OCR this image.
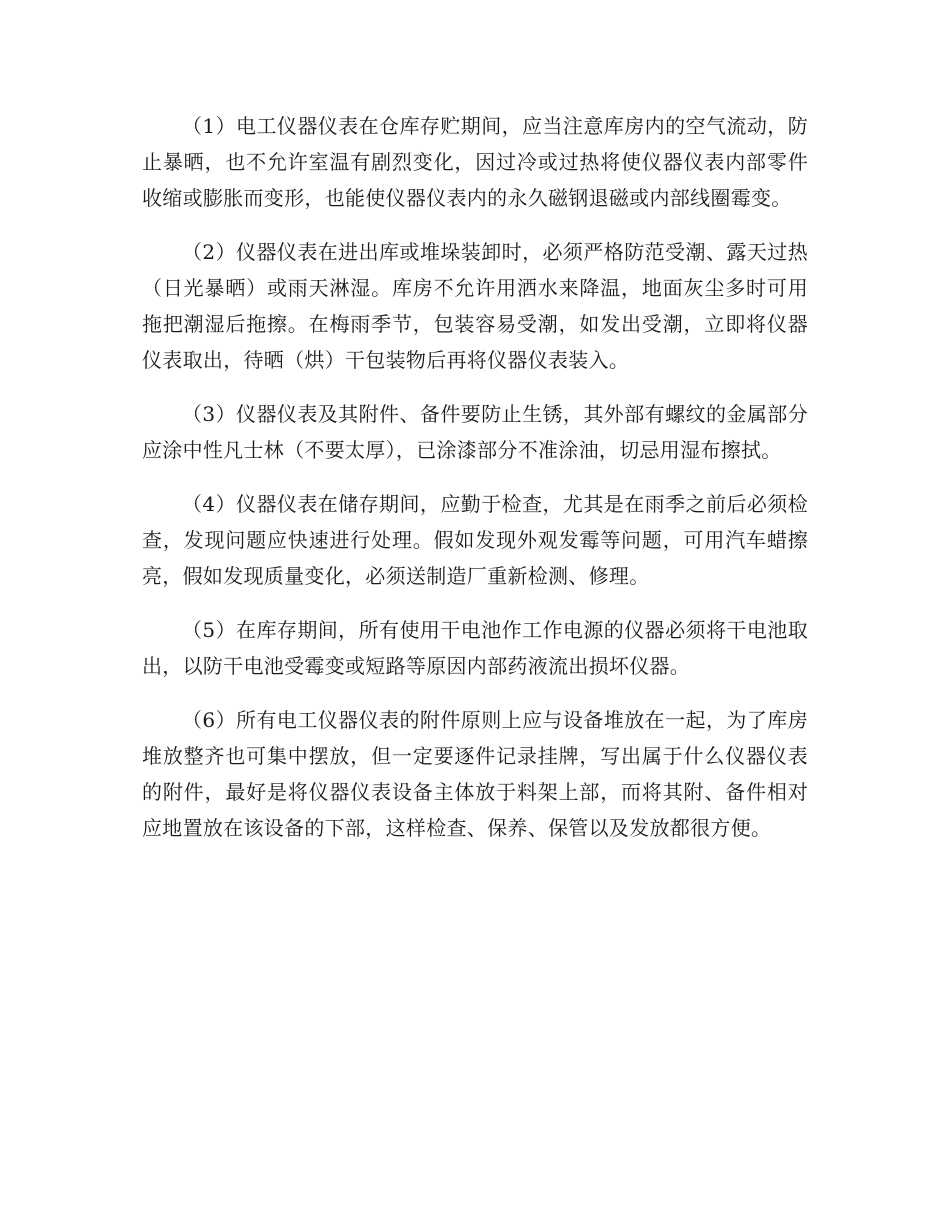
（1）电工仪器仪表在仓库存贮期间，应当注意库房内的空气流动，防止暴晒，也不允许室温有剧烈变化，因过冷或过热将使仪器仪表内部零件收缩或膨胀而变形，也能使仪器仪表内的永久磁钢退磁或内部线圈霉变。

（2）仪器仪表在进出库或堆垛装卸时，必须严格防范受潮、露天过热（日光暴晒）或雨天淋湿。库房不允许用洒水来降温，地面灰尘多时可用拖把潮湿后拖擦。在梅雨季节，包装容易受潮，如发出受潮，立即将仪器仪表取出，待晒（烘）干包装物后再将仪器仪表装入。

（3）仪器仪表及其附件、备件要防止生锈，其外部有螺纹的金属部分应涂中性凡士林（不要太厚），已涂漆部分不准涂油，切忌用湿布擦拭。

（4）仪器仪表在储存期间，应勤于检查，尤其是在雨季之前后必须检查，发现问题应快速进行处理。假如发现外观发霉等问题，可用汽车蜡擦亮，假如发现质量变化，必须送制造厂重新检测、修理。

（5）在库存期间，所有使用干电池作工作电源的仪器必须将干电池取出，以防干电池受霉变或短路等原因内部药液流出损坏仪器。

（6）所有电工仪器仪表的附件原则上应与设备堆放在一起，为了库房堆放整齐也可集中摆放，但一定要逐件记录挂牌，写出属于什么仪器仪表的附件，最好是将仪器仪表设备主体放于料架上部，而将其附、备件相对应地置放在该设备的下部，这样检查、保养、保管以及发放都很方便。
